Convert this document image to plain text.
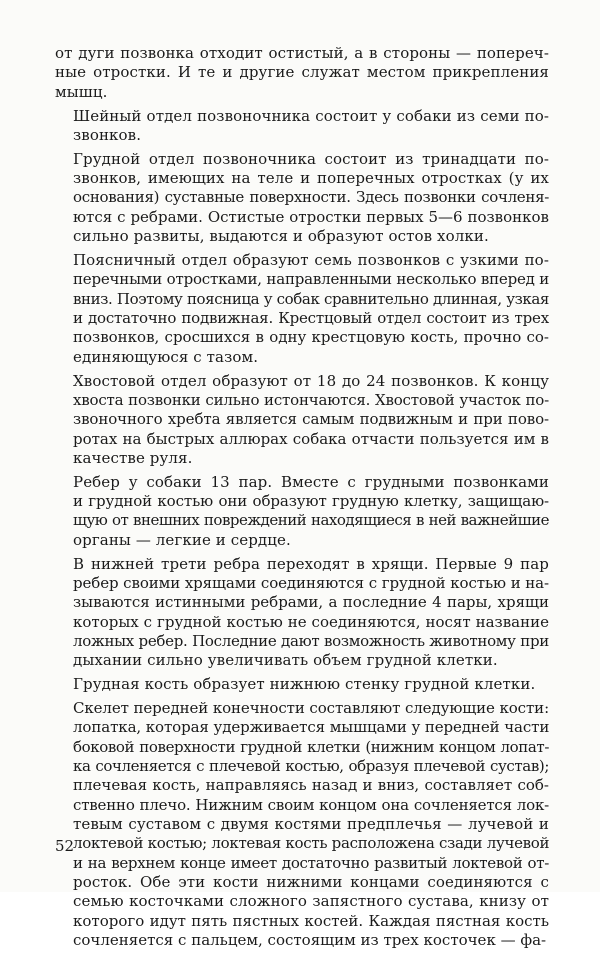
от дуги позвонка отходит остистый, а в стороны — попереч-
ные отростки. И те и другие служат местом прикрепления
мышц.
Шейный отдел позвоночника состоит у собаки из семи по-
звонков.
Грудной отдел позвоночника состоит из тринадцати по-
звонков, имеющих на теле и поперечных отростках (у их
основания) суставные поверхности. Здесь позвонки сочленя-
ются с ребрами. Остистые отростки первых 5—6 позвонков
сильно развиты, выдаются и образуют остов холки.
Поясничный отдел образуют семь позвонков с узкими по-
перечными отростками, направленными несколько вперед и
вниз. Поэтому поясница у собак сравнительно длинная, узкая
и достаточно подвижная. Крестцовый отдел состоит из трех
позвонков, сросшихся в одну крестцовую кость, прочно со-
единяющуюся с тазом.
Хвостовой отдел образуют от 18 до 24 позвонков. К концу
хвоста позвонки сильно истончаются. Хвостовой участок по-
звоночного хребта является самым подвижным и при пово-
ротах на быстрых аллюрах собака отчасти пользуется им в
качестве руля.
Ребер у собаки 13 пар. Вместе с грудными позвонками
и грудной костью они образуют грудную клетку, защищаю-
щую от внешних повреждений находящиеся в ней важнейшие
органы — легкие и сердце.
В нижней трети ребра переходят в хрящи. Первые 9 пар
ребер своими хрящами соединяются с грудной костью и на-
зываются истинными ребрами, а последние 4 пары, хрящи
которых с грудной костью не соединяются, носят название
ложных ребер. Последние дают возможность животному при
дыхании сильно увеличивать объем грудной клетки.
Грудная кость образует нижнюю стенку грудной клетки.
Скелет передней конечности составляют следующие кости:
лопатка, которая удерживается мышцами у передней части
боковой поверхности грудной клетки (нижним концом лопат-
ка сочленяется с плечевой костью, образуя плечевой сустав);
плечевая кость, направляясь назад и вниз, составляет соб-
ственно плечо. Нижним своим концом она сочленяется лок-
тевым суставом с двумя костями предплечья — лучевой и
локтевой костью; локтевая кость расположена сзади лучевой
и на верхнем конце имеет достаточно развитый локтевой от-
росток. Обе эти кости нижними концами соединяются с
семью косточками сложного запястного сустава, книзу от
которого идут пять пястных костей. Каждая пястная кость
сочленяется с пальцем, состоящим из трех косточек — фа-
52
